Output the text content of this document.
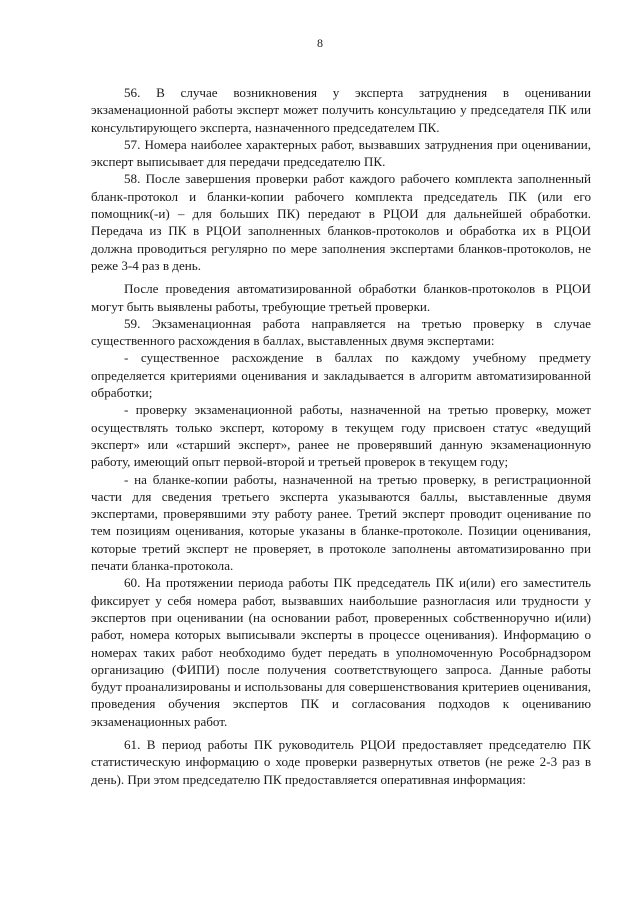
8

56. В случае возникновения у эксперта затруднения в оценивании экзаменационной работы эксперт может получить консультацию у председателя ПК или консультирующего эксперта, назначенного председателем ПК.

57. Номера наиболее характерных работ, вызвавших затруднения при оценивании, эксперт выписывает для передачи председателю ПК.

58. После завершения проверки работ каждого рабочего комплекта заполненный бланк-протокол и бланки-копии рабочего комплекта председатель ПК (или его помощник(-и) – для больших ПК) передают в РЦОИ для дальнейшей обработки. Передача из ПК в РЦОИ заполненных бланков-протоколов и обработка их в РЦОИ должна проводиться регулярно по мере заполнения экспертами бланков-протоколов, не реже 3-4 раз в день.

После проведения автоматизированной обработки бланков-протоколов в РЦОИ могут быть выявлены работы, требующие третьей проверки.

59. Экзаменационная работа направляется на третью проверку в случае существенного расхождения в баллах, выставленных двумя экспертами:

- существенное расхождение в баллах по каждому учебному предмету определяется критериями оценивания и закладывается в алгоритм автоматизированной обработки;

- проверку экзаменационной работы, назначенной на третью проверку, может осуществлять только эксперт, которому в текущем году присвоен статус «ведущий эксперт» или «старший эксперт», ранее не проверявший данную экзаменационную работу, имеющий опыт первой-второй и третьей проверок в текущем году;

- на бланке-копии работы, назначенной на третью проверку, в регистрационной части для сведения третьего эксперта указываются баллы, выставленные двумя экспертами, проверявшими эту работу ранее. Третий эксперт проводит оценивание по тем позициям оценивания, которые указаны в бланке-протоколе. Позиции оценивания, которые третий эксперт не проверяет, в протоколе заполнены автоматизированно при печати бланка-протокола.

60. На протяжении периода работы ПК председатель ПК и(или) его заместитель фиксирует у себя номера работ, вызвавших наибольшие разногласия или трудности у экспертов при оценивании (на основании работ, проверенных собственноручно и(или) работ, номера которых выписывали эксперты в процессе оценивания). Информацию о номерах таких работ необходимо будет передать в уполномоченную Рособрнадзором организацию (ФИПИ) после получения соответствующего запроса. Данные работы будут проанализированы и использованы для совершенствования критериев оценивания, проведения обучения экспертов ПК и согласования подходов к оцениванию экзаменационных работ.

61. В период работы ПК руководитель РЦОИ предоставляет председателю ПК статистическую информацию о ходе проверки развернутых ответов (не реже 2-3 раз в день). При этом председателю ПК предоставляется оперативная информация:
